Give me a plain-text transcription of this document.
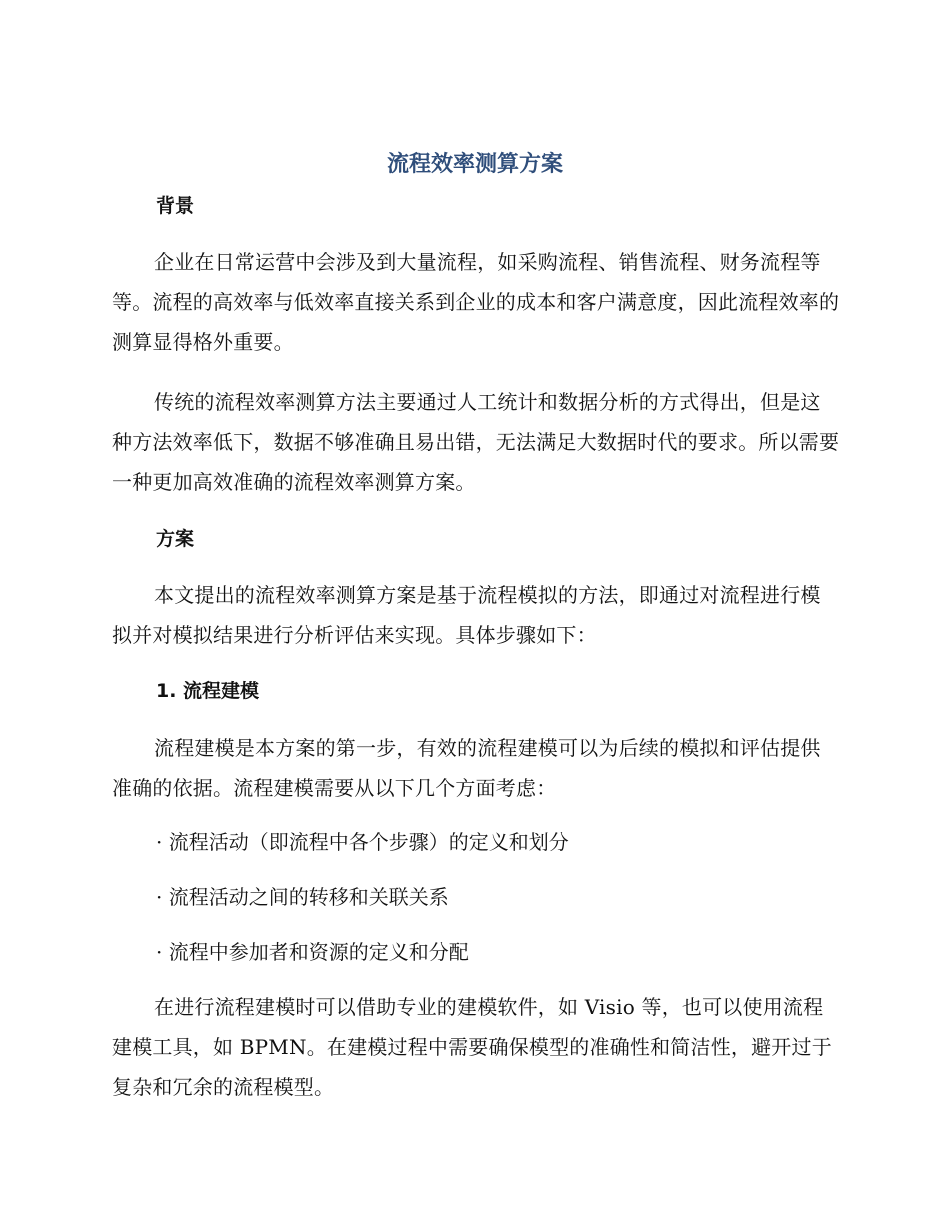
流程效率测算方案
背景

企业在日常运营中会涉及到大量流程，如采购流程、销售流程、财务流程等等。流程的高效率与低效率直接关系到企业的成本和客户满意度，因此流程效率的测算显得格外重要。

传统的流程效率测算方法主要通过人工统计和数据分析的方式得出，但是这种方法效率低下，数据不够准确且易出错，无法满足大数据时代的要求。所以需要一种更加高效准确的流程效率测算方案。

方案

本文提出的流程效率测算方案是基于流程模拟的方法，即通过对流程进行模拟并对模拟结果进行分析评估来实现。具体步骤如下：

1. 流程建模

流程建模是本方案的第一步，有效的流程建模可以为后续的模拟和评估提供准确的依据。流程建模需要从以下几个方面考虑：

· 流程活动（即流程中各个步骤）的定义和划分

· 流程活动之间的转移和关联关系

· 流程中参加者和资源的定义和分配

在进行流程建模时可以借助专业的建模软件，如 Visio 等，也可以使用流程建模工具，如 BPMN。在建模过程中需要确保模型的准确性和简洁性，避开过于复杂和冗余的流程模型。
